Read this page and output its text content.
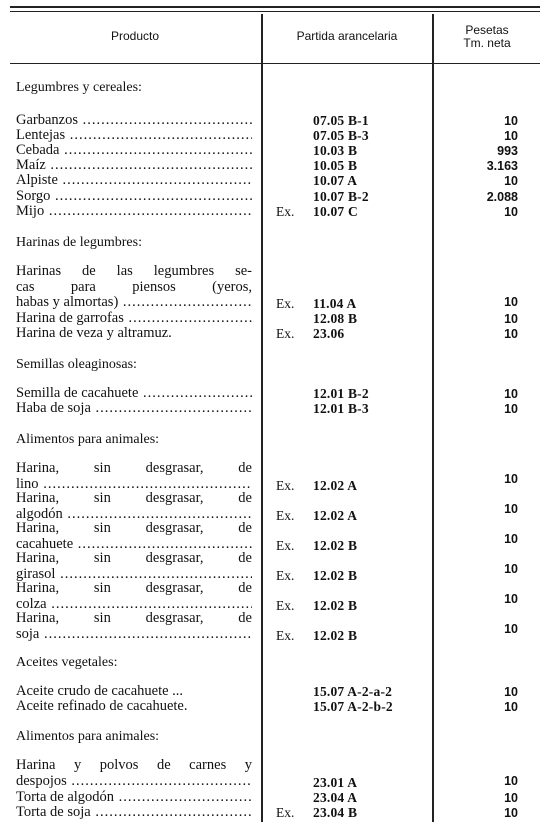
Producto	Partida arancelaria	Pesetas
Tm. neta
Legumbres y cereales:
Harinas de legumbres:
Semillas oleaginosas:
Alimentos para animales:
Aceites vegetales:
Alimentos para animales:
Garbanzos .....	07.05 B-1	10
Lentejas .....	07.05 B-3	10
Cebada .....	10.03 B	993
Maíz .....	10.05 B	3.163
Alpiste .....	10.07 A	10
Sorgo .....	10.07 B-2	2.088
Mijo .....	Ex. 10.07 C	10
Harinas de las legumbres se-
cas para piensos (yeros,
habas y almortas) .....	Ex. 11.04 A	10
Harina de garrofas .....	12.08 B	10
Harina de veza y altramuz.	Ex. 23.06	10
Semilla de cacahuete .....	12.01 B-2	10
Haba de soja .....	12.01 B-3	10
Harina, sin desgrasar, de
lino .....	Ex. 12.02 A	10
Harina, sin desgrasar, de
algodón .....	Ex. 12.02 A	10
Harina, sin desgrasar, de
cacahuete .....	Ex. 12.02 B	10
Harina, sin desgrasar, de
girasol .....	Ex. 12.02 B	10
Harina, sin desgrasar, de
colza .....	Ex. 12.02 B	10
Harina, sin desgrasar, de
soja .....	Ex. 12.02 B	10
Aceite crudo de cacahuete ...	15.07 A-2-a-2	10
Aceite refinado de cacahuete.	15.07 A-2-b-2	10
Harina y polvos de carnes y
despojos .....	23.01 A	10
Torta de algodón .....	23.04 A	10
Torta de soja .....	Ex. 23.04 B	10
